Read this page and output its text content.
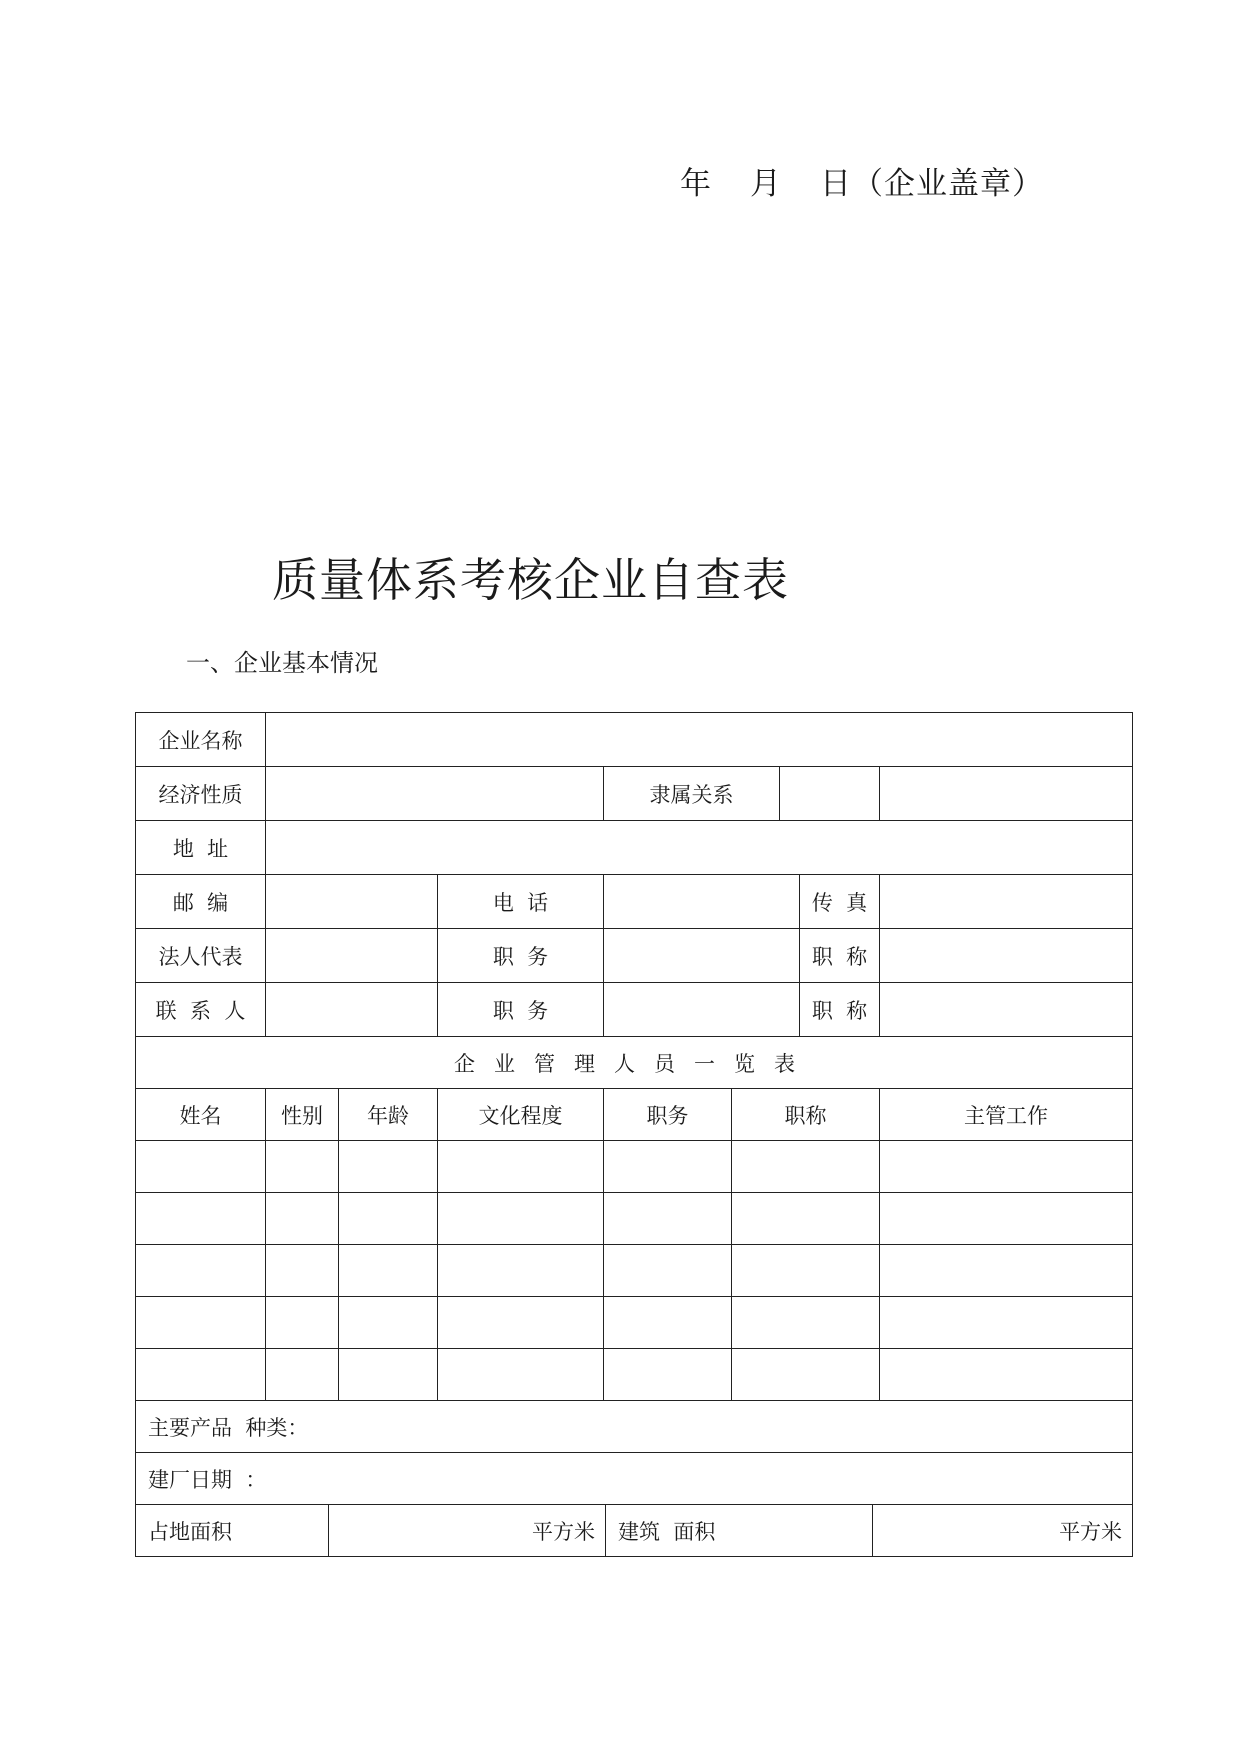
年 月 日（企业盖章）
质量体系考核企业自查表
一、企业基本情况
企业名称						
经济性质				隶属关系		

地  址						
邮  编			电  话	传  真		

法人代表			职  务	职  称		

联  系  人			职  务	职  称		

企业管理人员一览表						
姓名	性别	年龄	文化程度	职务	职称	主管工作

主要产品  种类：						
建厂日期  ：						

占地面积 平方米 建筑  面积 平方米						
